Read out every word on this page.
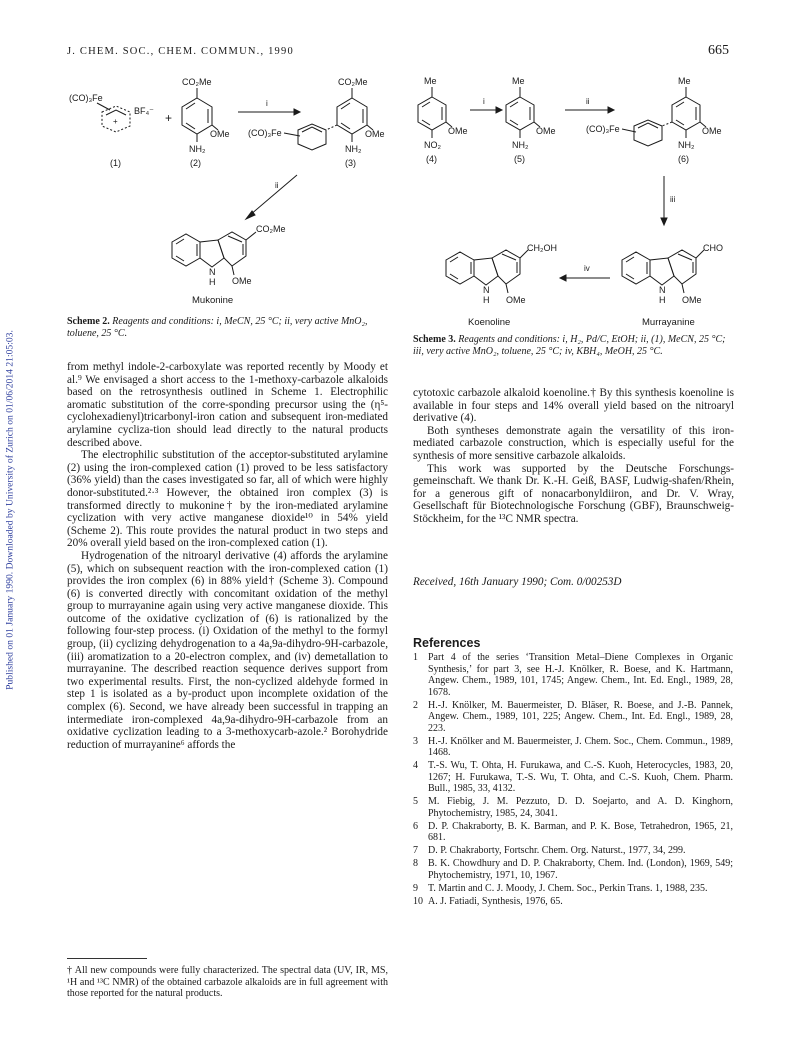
J. CHEM. SOC., CHEM. COMMUN., 1990	665
Published on 01 January 1990. Downloaded by University of Zurich on 01/06/2014 21:05:03.
(CO)₃Fe
+
BF₄⁻
(1)
+
CO₂Me
OMe
NH₂
(2)
i
CO₂Me
OMe
NH₂
(CO)₃Fe
(3)
ii
CO₂Me
OMe
N
H
Mukonine
Scheme 2. Reagents and conditions: i, MeCN, 25 °C; ii, very active MnO₂, toluene, 25 °C.
Me
OMe
NO₂
(4)
i
Me
OMe
NH₂
(5)
ii
Me
OMe
NH₂
(CO)₃Fe
(6)
iii
CHO
OMe
N
H
Murrayanine
iv
CH₂OH
OMe
N
H
Koenoline
Scheme 3. Reagents and conditions: i, H₂, Pd/C, EtOH; ii, (1), MeCN, 25 °C; iii, very active MnO₂, toluene, 25 °C; iv, KBH₄, MeOH, 25 °C.

from methyl indole-2-carboxylate was reported recently by Moody et al.⁹ We envisaged a short access to the 1-methoxy-carbazole alkaloids based on the retrosynthesis outlined in Scheme 1. Electrophilic aromatic substitution of the corre-sponding precursor using the (η⁵-cyclohexadienyl)tricarbonyl-iron cation and subsequent iron-mediated arylamine cycliza-tion should lead directly to the natural products described above.

The electrophilic substitution of the acceptor-substituted arylamine (2) using the iron-complexed cation (1) proved to be less satisfactory (36% yield) than the cases investigated so far, all of which were highly donor-substituted.²·³ However, the obtained iron complex (3) is transformed directly to mukonine† by the iron-mediated arylamine cyclization with very active manganese dioxide¹⁰ in 54% yield (Scheme 2). This route provides the natural product in two steps and 20% overall yield based on the iron-complexed cation (1).

Hydrogenation of the nitroaryl derivative (4) affords the arylamine (5), which on subsequent reaction with the iron-complexed cation (1) provides the iron complex (6) in 88% yield† (Scheme 3). Compound (6) is converted directly with concomitant oxidation of the methyl group to murrayanine again using very active manganese dioxide. This outcome of the oxidative cyclization of (6) is rationalized by the following four-step process. (i) Oxidation of the methyl to the formyl group, (ii) cyclizing dehydrogenation to a 4a,9a-dihydro-9H-carbazole, (iii) aromatization to a 20-electron complex, and (iv) demetallation to murrayanine. The described reaction sequence derives support from two experimental results. First, the non-cyclized aldehyde formed in step 1 is isolated as a by-product upon incomplete oxidation of the complex (6). Second, we have already been successful in trapping an intermediate iron-complexed 4a,9a-dihydro-9H-carbazole from an oxidative cyclization leading to a 3-methoxycarb-azole.² Borohydride reduction of murrayanine⁶ affords the

† All new compounds were fully characterized. The spectral data (UV, IR, MS, ¹H and ¹³C NMR) of the obtained carbazole alkaloids are in full agreement with those reported for the natural products.

cytotoxic carbazole alkaloid koenoline.† By this synthesis koenoline is available in four steps and 14% overall yield based on the nitroaryl derivative (4).

Both syntheses demonstrate again the versatility of this iron-mediated carbazole construction, which is especially useful for the synthesis of more sensitive carbazole alkaloids.

This work was supported by the Deutsche Forschungs-gemeinschaft. We thank Dr. K.-H. Geiß, BASF, Ludwig-shafen/Rhein, for a generous gift of nonacarbonyldiiron, and Dr. V. Wray, Gesellschaft für Biotechnologische Forschung (GBF), Braunschweig-Stöckheim, for the ¹³C NMR spectra.

Received, 16th January 1990; Com. 0/00253D
References
1 Part 4 of the series ‘Transition Metal–Diene Complexes in Organic Synthesis,’ for part 3, see H.-J. Knölker, R. Boese, and K. Hartmann, Angew. Chem., 1989, 101, 1745; Angew. Chem., Int. Ed. Engl., 1989, 28, 1678.
2 H.-J. Knölker, M. Bauermeister, D. Bläser, R. Boese, and J.-B. Pannek, Angew. Chem., 1989, 101, 225; Angew. Chem., Int. Ed. Engl., 1989, 28, 223.
3 H.-J. Knölker and M. Bauermeister, J. Chem. Soc., Chem. Commun., 1989, 1468.
4 T.-S. Wu, T. Ohta, H. Furukawa, and C.-S. Kuoh, Heterocycles, 1983, 20, 1267; H. Furukawa, T.-S. Wu, T. Ohta, and C.-S. Kuoh, Chem. Pharm. Bull., 1985, 33, 4132.
5 M. Fiebig, J. M. Pezzuto, D. D. Soejarto, and A. D. Kinghorn, Phytochemistry, 1985, 24, 3041.
6 D. P. Chakraborty, B. K. Barman, and P. K. Bose, Tetrahedron, 1965, 21, 681.
7 D. P. Chakraborty, Fortschr. Chem. Org. Naturst., 1977, 34, 299.
8 B. K. Chowdhury and D. P. Chakraborty, Chem. Ind. (London), 1969, 549; Phytochemistry, 1971, 10, 1967.
9 T. Martin and C. J. Moody, J. Chem. Soc., Perkin Trans. 1, 1988, 235.
10 A. J. Fatiadi, Synthesis, 1976, 65.
